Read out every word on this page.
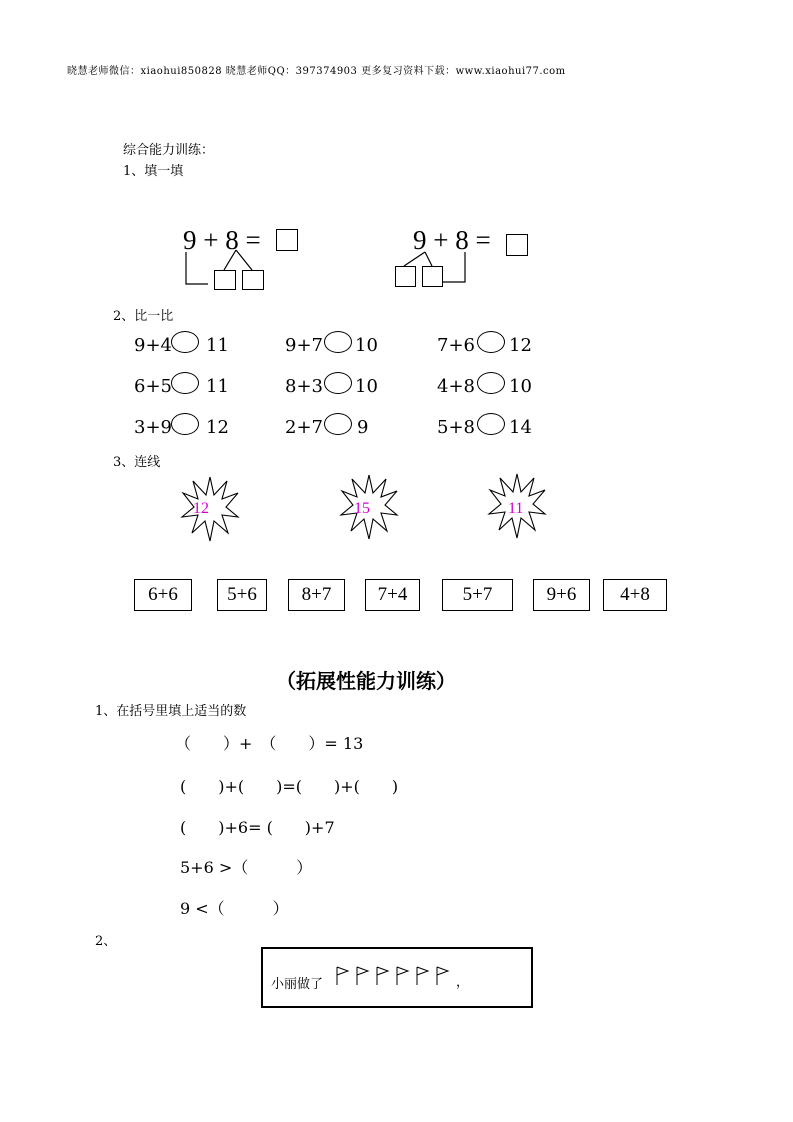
晓慧老师微信：xiaohui850828 晓慧老师QQ：397374903 更多复习资料下载：www.xiaohui77.com
综合能力训练：
1、填一填
9 + 8 =	9 + 8 =
2、比一比
9+4 11	9+7 10	7+6 12
6+5 11	8+3 10	4+8 10
3+9 12	2+7 9	5+8 14
3、连线
12	15	11
6+6	5+6	8+7	7+4	5+7	9+6	4+8
（拓展性能力训练）
1、在括号里填上适当的数
（　　）+　（　　）= 13
(　　)+(　　)=(　　)+(　　)
(　　)+6= (　　)+7
5+6 >（　　　）
9 <（　　　）
2、
小丽做了	，
